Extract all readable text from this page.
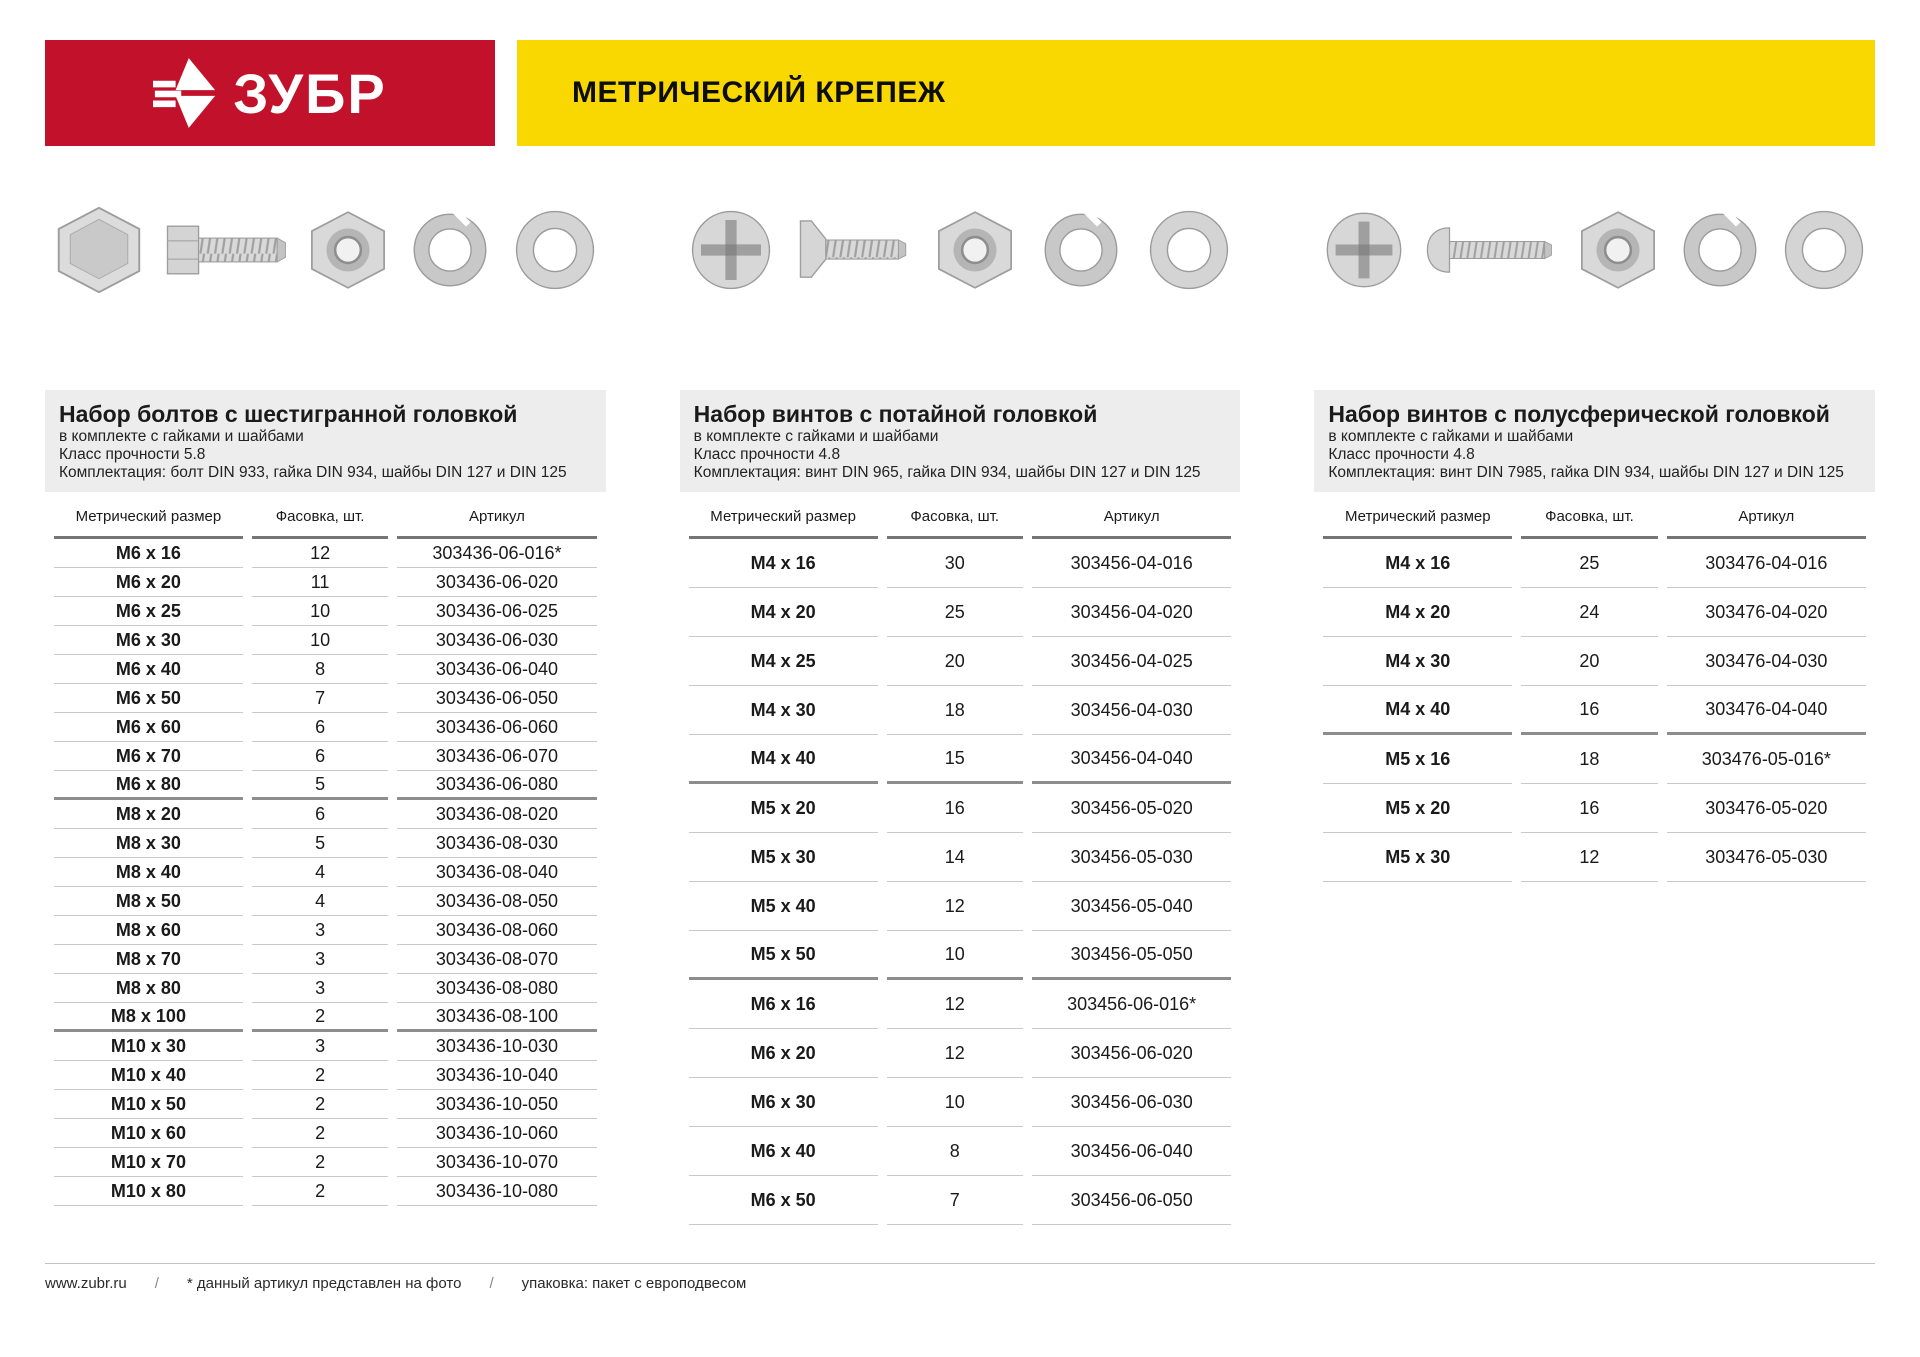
ЗУБР	МЕТРИЧЕСКИЙ КРЕПЕЖ
Набор болтов с шестигранной головкой
в комплекте с гайками и шайбами
Класс прочности 5.8
Комплектация: болт DIN 933, гайка DIN 934, шайбы DIN 127 и DIN 125
Метрический размер	Фасовка, шт.	Артикул
М6 х 16	12	303436-06-016*
М6 х 20	11	303436-06-020
М6 х 25	10	303436-06-025
М6 х 30	10	303436-06-030
М6 х 40	8	303436-06-040
М6 х 50	7	303436-06-050
М6 х 60	6	303436-06-060
М6 х 70	6	303436-06-070
М6 х 80	5	303436-06-080
М8 х 20	6	303436-08-020
М8 х 30	5	303436-08-030
М8 х 40	4	303436-08-040
М8 х 50	4	303436-08-050
М8 х 60	3	303436-08-060
М8 х 70	3	303436-08-070
М8 х 80	3	303436-08-080
М8 х 100	2	303436-08-100
М10 х 30	3	303436-10-030
М10 х 40	2	303436-10-040
М10 х 50	2	303436-10-050
М10 х 60	2	303436-10-060
М10 х 70	2	303436-10-070
М10 х 80	2	303436-10-080
Набор винтов с потайной головкой
в комплекте с гайками и шайбами
Класс прочности 4.8
Комплектация: винт DIN 965, гайка DIN 934, шайбы DIN 127 и DIN 125
Метрический размер	Фасовка, шт.	Артикул
М4 х 16	30	303456-04-016
М4 х 20	25	303456-04-020
М4 х 25	20	303456-04-025
М4 х 30	18	303456-04-030
М4 х 40	15	303456-04-040
М5 х 20	16	303456-05-020
М5 х 30	14	303456-05-030
М5 х 40	12	303456-05-040
М5 х 50	10	303456-05-050
М6 х 16	12	303456-06-016*
М6 х 20	12	303456-06-020
М6 х 30	10	303456-06-030
М6 х 40	8	303456-06-040
М6 х 50	7	303456-06-050
Набор винтов с полусферической головкой
в комплекте с гайками и шайбами
Класс прочности 4.8
Комплектация: винт DIN 7985, гайка DIN 934, шайбы DIN 127 и DIN 125
Метрический размер	Фасовка, шт.	Артикул
М4 х 16	25	303476-04-016
М4 х 20	24	303476-04-020
М4 х 30	20	303476-04-030
М4 х 40	16	303476-04-040
М5 х 16	18	303476-05-016*
М5 х 20	16	303476-05-020
М5 х 30	12	303476-05-030
www.zubr.ru / * данный артикул представлен на фото / упаковка: пакет с европодвесом
